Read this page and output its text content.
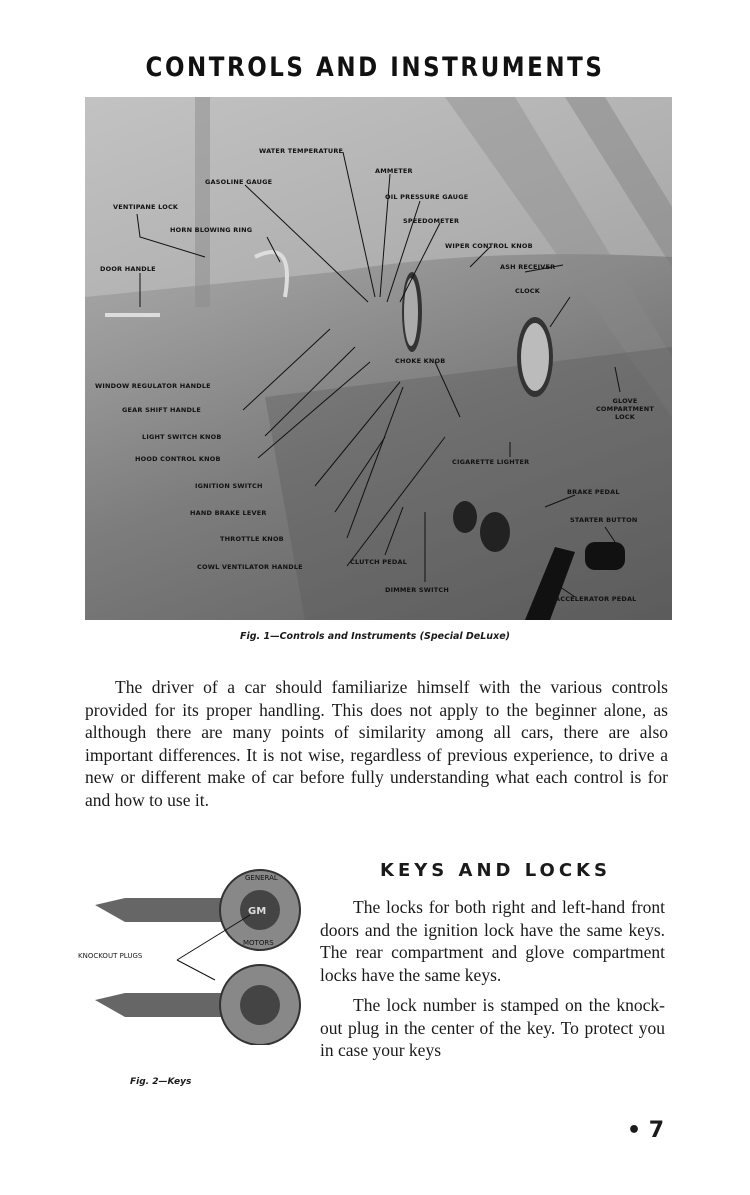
CONTROLS AND INSTRUMENTS
WATER TEMPERATURE
GASOLINE GAUGE
AMMETER
VENTIPANE LOCK
OIL PRESSURE GAUGE
SPEEDOMETER
HORN BLOWING RING
WIPER CONTROL KNOB
DOOR HANDLE	ASH RECEIVER
CLOCK
CHOKE KNOB
WINDOW REGULATOR HANDLE
GLOVE COMPARTMENT LOCK
GEAR SHIFT HANDLE
LIGHT SWITCH KNOB
HOOD CONTROL KNOB	CIGARETTE LIGHTER
IGNITION SWITCH
BRAKE PEDAL
HAND BRAKE LEVER
STARTER BUTTON
THROTTLE KNOB
COWL VENTILATOR HANDLE
CLUTCH PEDAL
DIMMER SWITCH
ACCELERATOR PEDAL
Fig. 1—Controls and Instruments (Special DeLuxe)

The driver of a car should familiarize himself with the various controls provided for its proper handling. This does not apply to the beginner alone, as although there are many points of similarity among all cars, there are also important differences. It is not wise, regardless of previous experience, to drive a new or different make of car before fully understanding what each control is for and how to use it.

GENERAL
GM
MOTORS
KNOCKOUT PLUGS
Fig. 2—Keys
KEYS AND LOCKS

The locks for both right and left-hand front doors and the ignition lock have the same keys. The rear compartment and glove compartment locks have the same keys.

The lock number is stamped on the knock-out plug in the center of the key. To protect you in case your keys

• 7
